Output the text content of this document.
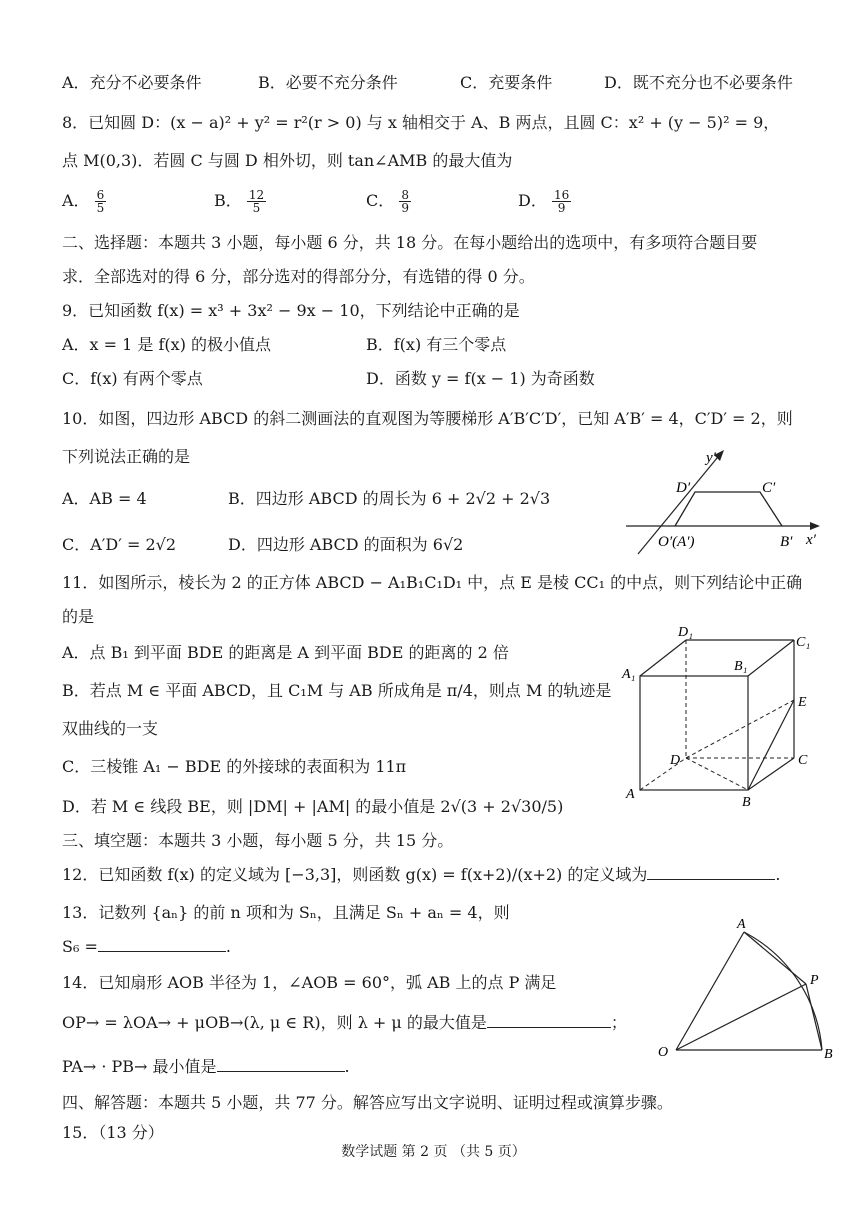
A．充分不必要条件	B．必要不充分条件	C．充要条件	D．既不充分也不必要条件
8．已知圆 D：(x − a)² + y² = r²(r > 0) 与 x 轴相交于 A、B 两点，且圆 C：x² + (y − 5)² = 9，
点 M(0,3)．若圆 C 与圆 D 相外切，则 tan∠AMB 的最大值为
A． $\frac{6}{5}$	B． $\frac{12}{5}$	C． $\frac{8}{9}$	D． $\frac{16}{9}$
二、选择题：本题共 3 小题，每小题 6 分，共 18 分。在每小题给出的选项中，有多项符合题目要
求．全部选对的得 6 分，部分选对的得部分分，有选错的得 0 分。
9．已知函数 f(x) = x³ + 3x² − 9x − 10，下列结论中正确的是
A．x = 1 是 f(x) 的极小值点	B．f(x) 有三个零点
C．f(x) 有两个零点	D．函数 y = f(x − 1) 为奇函数
10．如图，四边形 ABCD 的斜二测画法的直观图为等腰梯形 A′B′C′D′，已知 A′B′ = 4，C′D′ = 2，则
下列说法正确的是
A．AB = 4	B．四边形 ABCD 的周长为 6 + 2√2 + 2√3
C．A′D′ = 2√2	D．四边形 ABCD 的面积为 6√2
y′
x′
D′	C′
O′(A′)	B′
11．如图所示，棱长为 2 的正方体 ABCD − A₁B₁C₁D₁ 中，点 E 是棱 CC₁ 的中点，则下列结论中正确
的是
A．点 B₁ 到平面 BDE 的距离是 A 到平面 BDE 的距离的 2 倍
B．若点 M ∈ 平面 ABCD，且 C₁M 与 AB 所成角是 π/4，则点 M 的轨迹是
双曲线的一支
C．三棱锥 A₁ − BDE 的外接球的表面积为 11π
D．若 M ∈ 线段 BE，则 |DM| + |AM| 的最小值是 2√(3 + 2√30/5)
D₁
C₁
A₁
B₁
E
D	C
A
B
三、填空题：本题共 3 小题，每小题 5 分，共 15 分。
12．已知函数 f(x) 的定义域为 [−3,3]，则函数 g(x) = f(x+2)/(x+2) 的定义域为	.
13．记数列 {aₙ} 的前 n 项和为 Sₙ，且满足 Sₙ + aₙ = 4，则
S₆ =	.
14．已知扇形 AOB 半径为 1，∠AOB = 60°，弧 AB 上的点 P 满足
OP→ = λOA→ + μOB→(λ, μ ∈ R)，则 λ + μ 的最大值是	；
PA→ · PB→ 最小值是	.
A
P
O	B
四、解答题：本题共 5 小题，共 77 分。解答应写出文字说明、证明过程或演算步骤。
15．（13 分）
数学试题 第 2 页 （共 5 页）
